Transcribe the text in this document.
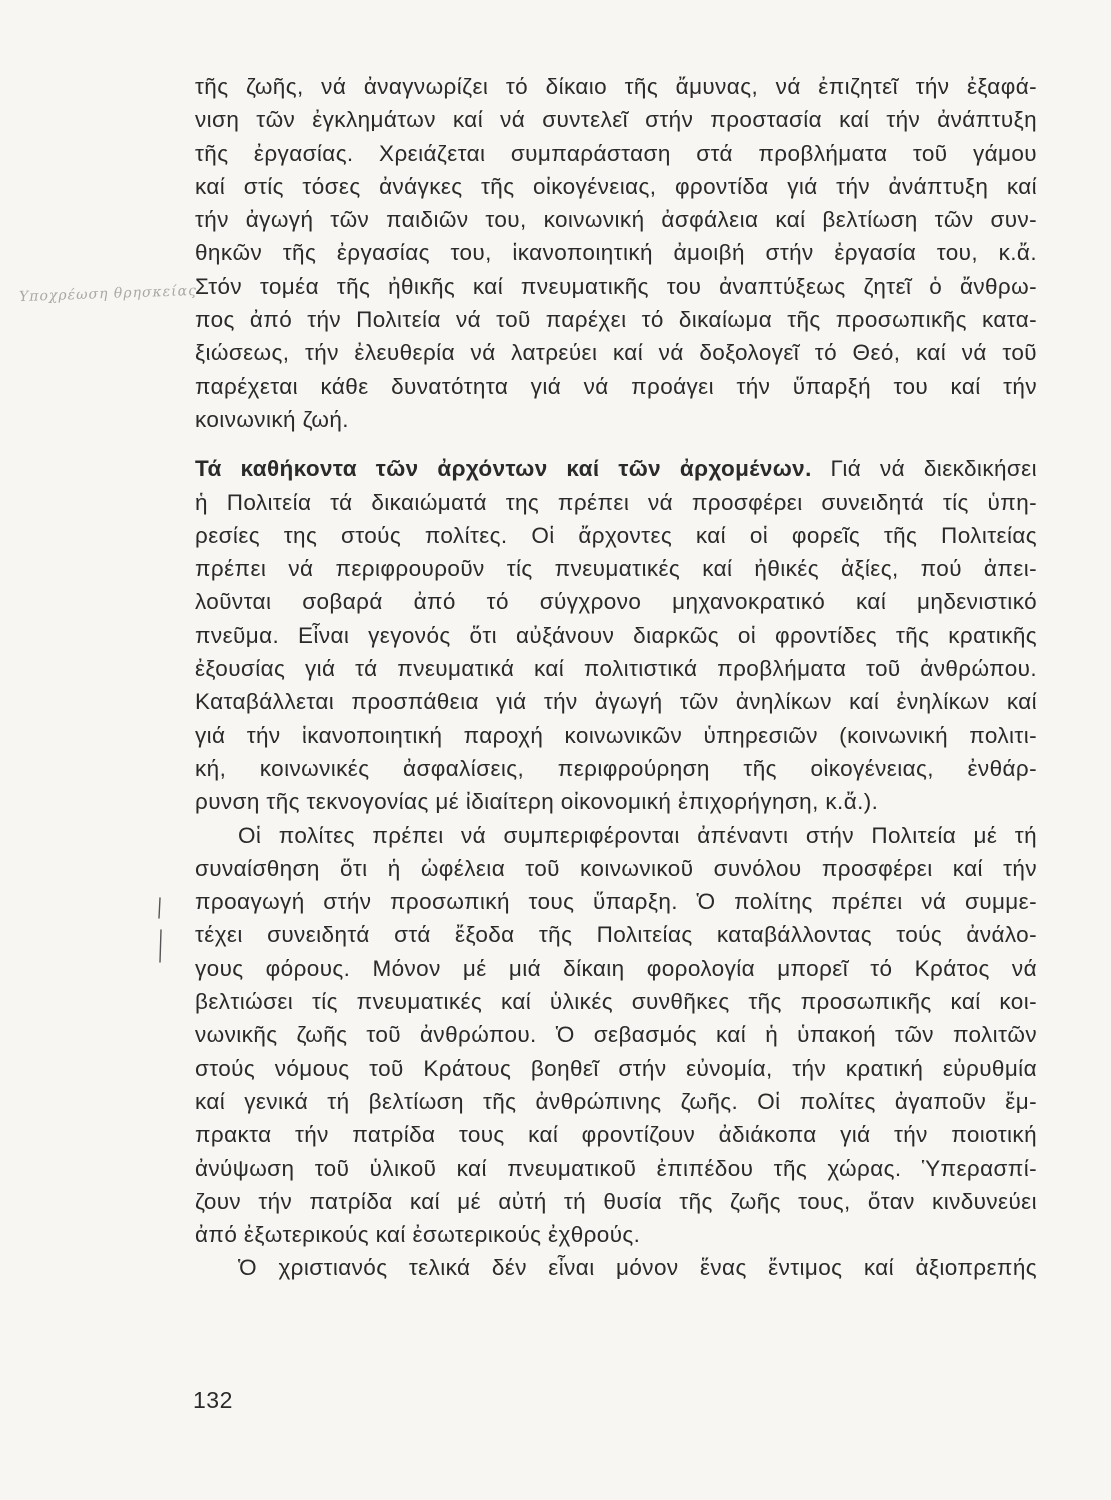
Υποχρέωση θρησκείας
τῆς ζωῆς, νά ἀναγνωρίζει τό δίκαιο τῆς ἄμυνας, νά ἐπιζητεῖ τήν ἐξαφά-
νιση τῶν ἐγκλημάτων καί νά συντελεῖ στήν προστασία καί τήν ἀνάπτυξη
τῆς ἐργασίας. Χρειάζεται συμπαράσταση στά προβλήματα τοῦ γάμου
καί στίς τόσες ἀνάγκες τῆς οἰκογένειας, φροντίδα γιά τήν ἀνάπτυξη καί
τήν ἀγωγή τῶν παιδιῶν του, κοινωνική ἀσφάλεια καί βελτίωση τῶν συν-
θηκῶν τῆς ἐργασίας του, ἱκανοποιητική ἀμοιβή στήν ἐργασία του, κ.ἄ.
Στόν τομέα τῆς ἠθικῆς καί πνευματικῆς του ἀναπτύξεως ζητεῖ ὁ ἄνθρω-
πος ἀπό τήν Πολιτεία νά τοῦ παρέχει τό δικαίωμα τῆς προσωπικῆς κατα-
ξιώσεως, τήν ἐλευθερία νά λατρεύει καί νά δοξολογεῖ τό Θεό, καί νά τοῦ
παρέχεται κάθε δυνατότητα γιά νά προάγει τήν ὕπαρξή του καί τήν
κοινωνική ζωή.
Τά καθήκοντα τῶν ἀρχόντων καί τῶν ἀρχομένων. Γιά νά διεκδικήσει
ἡ Πολιτεία τά δικαιώματά της πρέπει νά προσφέρει συνειδητά τίς ὑπη-
ρεσίες της στούς πολίτες. Οἱ ἄρχοντες καί οἱ φορεῖς τῆς Πολιτείας
πρέπει νά περιφρουροῦν τίς πνευματικές καί ἠθικές ἀξίες, πού ἀπει-
λοῦνται σοβαρά ἀπό τό σύγχρονο μηχανοκρατικό καί μηδενιστικό
πνεῦμα. Εἶναι γεγονός ὅτι αὐξάνουν διαρκῶς οἱ φροντίδες τῆς κρατικῆς
ἐξουσίας γιά τά πνευματικά καί πολιτιστικά προβλήματα τοῦ ἀνθρώπου.
Καταβάλλεται προσπάθεια γιά τήν ἀγωγή τῶν ἀνηλίκων καί ἐνηλίκων καί
γιά τήν ἱκανοποιητική παροχή κοινωνικῶν ὑπηρεσιῶν (κοινωνική πολιτι-
κή, κοινωνικές ἀσφαλίσεις, περιφρούρηση τῆς οἰκογένειας, ἐνθάρ-
ρυνση τῆς τεκνογονίας μέ ἰδιαίτερη οἰκονομική ἐπιχορήγηση, κ.ἄ.).
Οἱ πολίτες πρέπει νά συμπεριφέρονται ἀπέναντι στήν Πολιτεία μέ τή
συναίσθηση ὅτι ἡ ὠφέλεια τοῦ κοινωνικοῦ συνόλου προσφέρει καί τήν
προαγωγή στήν προσωπική τους ὕπαρξη. Ὁ πολίτης πρέπει νά συμμε-
τέχει συνειδητά στά ἔξοδα τῆς Πολιτείας καταβάλλοντας τούς ἀνάλο-
γους φόρους. Μόνον μέ μιά δίκαιη φορολογία μπορεῖ τό Κράτος νά
βελτιώσει τίς πνευματικές καί ὑλικές συνθῆκες τῆς προσωπικῆς καί κοι-
νωνικῆς ζωῆς τοῦ ἀνθρώπου. Ὁ σεβασμός καί ἡ ὑπακοή τῶν πολιτῶν
στούς νόμους τοῦ Κράτους βοηθεῖ στήν εὐνομία, τήν κρατική εὐρυθμία
καί γενικά τή βελτίωση τῆς ἀνθρώπινης ζωῆς. Οἱ πολίτες ἀγαποῦν ἔμ-
πρακτα τήν πατρίδα τους καί φροντίζουν ἀδιάκοπα γιά τήν ποιοτική
ἀνύψωση τοῦ ὑλικοῦ καί πνευματικοῦ ἐπιπέδου τῆς χώρας. Ὑπερασπί-
ζουν τήν πατρίδα καί μέ αὐτή τή θυσία τῆς ζωῆς τους, ὅταν κινδυνεύει
ἀπό ἐξωτερικούς καί ἐσωτερικούς ἐχθρούς.
Ὁ χριστιανός τελικά δέν εἶναι μόνον ἕνας ἔντιμος καί ἀξιοπρεπής
132
